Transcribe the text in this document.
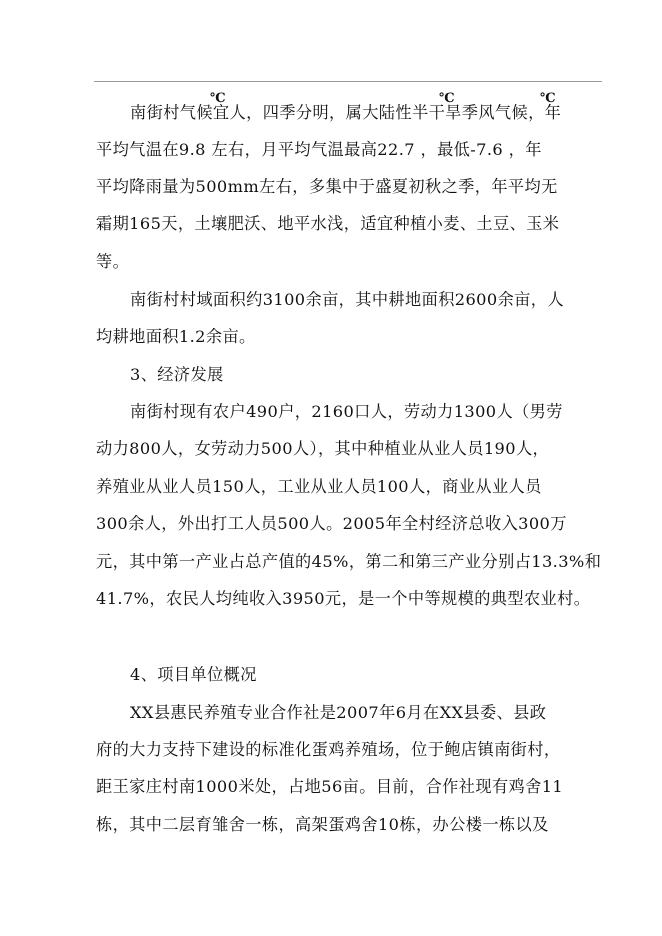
℃	℃	℃
南街村气候宜人，四季分明，属大陆性半干旱季风气候，年
平均气温在9.8 左右，月平均气温最高22.7 ，最低-7.6 ，年
平均降雨量为500mm左右，多集中于盛夏初秋之季，年平均无
霜期165天，土壤肥沃、地平水浅，适宜种植小麦、土豆、玉米
等。
南街村村域面积约3100余亩，其中耕地面积2600余亩，人
均耕地面积1.2余亩。
3、经济发展
南街村现有农户490户，2160口人，劳动力1300人（男劳
动力800人，女劳动力500人），其中种植业从业人员190人，
养殖业从业人员150人，工业从业人员100人，商业从业人员
300余人，外出打工人员500人。2005年全村经济总收入300万
元，其中第一产业占总产值的45%，第二和第三产业分别占13.3%和
41.7%，农民人均纯收入3950元，是一个中等规模的典型农业村。
4、项目单位概况
XX县惠民养殖专业合作社是2007年6月在XX县委、县政
府的大力支持下建设的标准化蛋鸡养殖场，位于鲍店镇南街村，
距王家庄村南1000米处，占地56亩。目前，合作社现有鸡舍11
栋，其中二层育雏舍一栋，高架蛋鸡舍10栋，办公楼一栋以及
